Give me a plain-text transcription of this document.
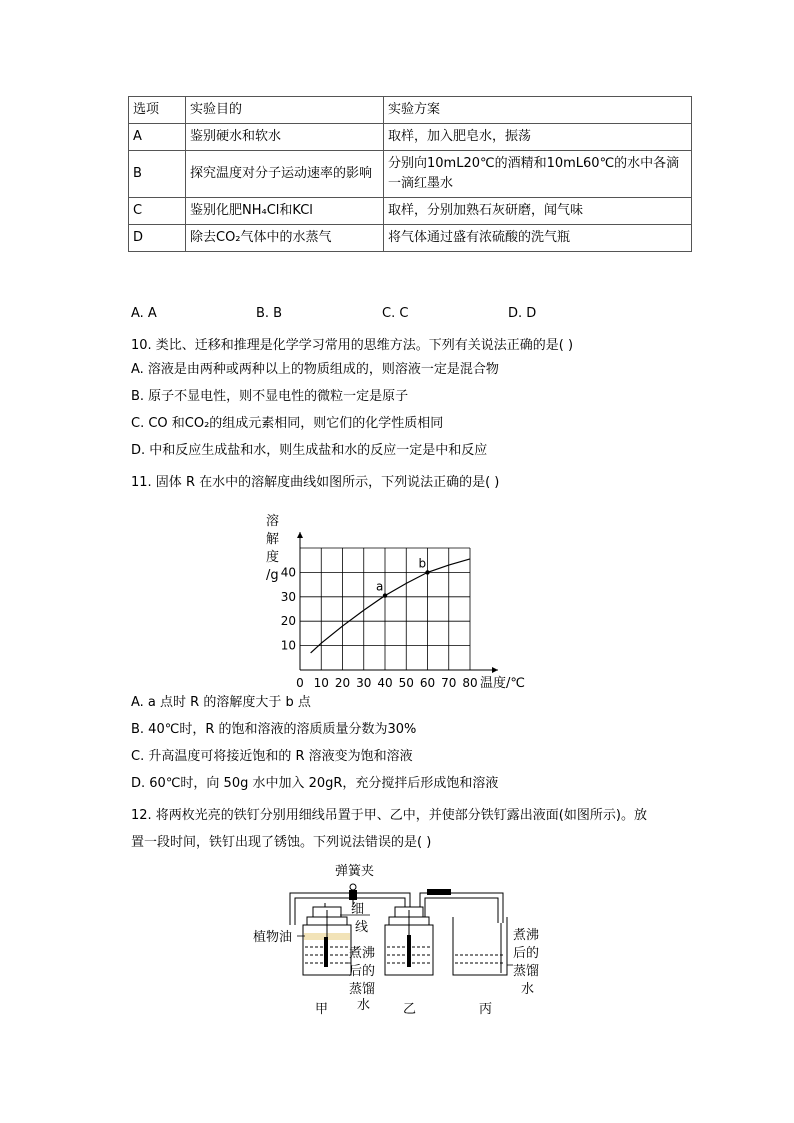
选项	实验目的	实验方案
A	鉴别硬水和软水	取样，加入肥皂水，振荡
B	探究温度对分子运动速率的影响	分别向10mL20℃的酒精和10mL60℃的水中各滴一滴红墨水
C	鉴别化肥NH₄Cl和KCl	取样，分别加熟石灰研磨，闻气味
D	除去CO₂气体中的水蒸气	将气体通过盛有浓硫酸的洗气瓶
A. A	B. B	C. C	D. D
10. 类比、迁移和推理是化学学习常用的思维方法。下列有关说法正确的是( )
A. 溶液是由两种或两种以上的物质组成的，则溶液一定是混合物
B. 原子不显电性，则不显电性的微粒一定是原子
C. CO 和CO₂的组成元素相同，则它们的化学性质相同
D. 中和反应生成盐和水，则生成盐和水的反应一定是中和反应
11. 固体 R 在水中的溶解度曲线如图所示，下列说法正确的是( )
0 10 20 30 40 50 60 70 80
10
20
30
40
溶
解
度
/g
温度/℃
a
b
A. a 点时 R 的溶解度大于 b 点
B. 40℃时，R 的饱和溶液的溶质质量分数为30%
C. 升高温度可将接近饱和的 R 溶液变为饱和溶液
D. 60℃时，向 50g 水中加入 20gR，充分搅拌后形成饱和溶液
12. 将两枚光亮的铁钉分别用细线吊置于甲、乙中，并使部分铁钉露出液面(如图所示)。放
置一段时间，铁钉出现了锈蚀。下列说法错误的是( )
弹簧夹
细
线
植物油
煮沸
后的
蒸馏
水
煮沸
后的
蒸馏
水
甲	乙	丙
